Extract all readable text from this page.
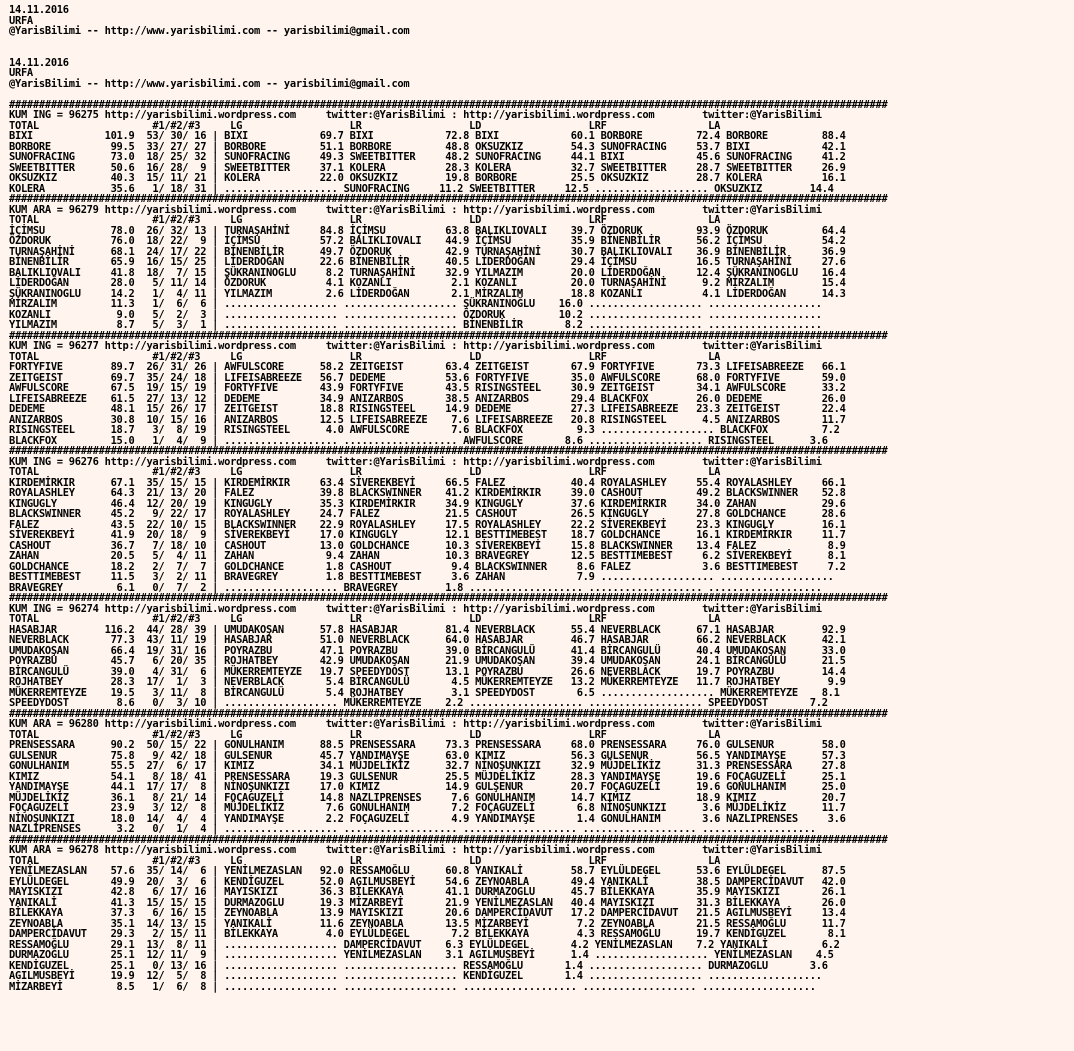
14.11.2016
URFA
@YarisBilimi -- http://www.yarisbilimi.com -- yarisbilimi@gmail.com

14.11.2016
URFA
@YarisBilimi -- http://www.yarisbilimi.com -- yarisbilimi@gmail.com

###################################################################################################################################################
KUM ING = 96275 http://yarisbilimi.wordpress.com     twitter:@YarisBilimi : http://yarisbilimi.wordpress.com        twitter:@YarisBilimi
TOTAL                   #1/#2/#3     LG                  LR                  LD                  LRF                 LA
BIXI            101.9  53/ 30/ 16 | BIXI            69.7 BIXI            72.8 BIXI            60.1 BORBORE         72.4 BORBORE         88.4
BORBORE          99.5  33/ 27/ 27 | BORBORE         51.1 BORBORE         48.8 OKSUZKIZ        54.3 SUNOFRACING     53.7 BIXI            42.1
SUNOFRACING      73.0  18/ 25/ 32 | SUNOFRACING     49.3 SWEETBITTER     48.2 SUNOFRACING     44.1 BIXI            45.6 SUNOFRACING     41.2
SWEETBITTER      50.6  16/ 28/  9 | SWEETBITTER     37.1 KOLERA          28.3 KOLERA          32.7 SWEETBITTER     28.7 SWEETBITTER     26.9
OKSUZKIZ         40.3  15/ 11/ 21 | KOLERA          22.0 OKSUZKIZ        19.8 BORBORE         25.5 OKSUZKIZ        28.7 KOLERA          16.1
KOLERA           35.6   1/ 18/ 31 | ................... SUNOFRACING     11.2 SWEETBITTER     12.5 ................... OKSUZKIZ        14.4
###################################################################################################################################################
KUM ARA = 96279 http://yarisbilimi.wordpress.com     twitter:@YarisBilimi : http://yarisbilimi.wordpress.com        twitter:@YarisBilimi
TOTAL                   #1/#2/#3     LG                  LR                  LD                  LRF                 LA
İÇİMSU           78.0  26/ 32/ 13 | TURNAŞAHİNİ     84.8 İÇİMSU          63.8 BALIKLIOVALI    39.7 ÖZDORUK         93.9 ÖZDORUK         64.4
ÖZDORUK          76.0  18/ 22/  9 | İÇİMSU          57.2 BALIKLIOVALI    44.9 İÇİMSU          35.9 BİNENBİLİR      56.2 İÇİMSU          54.2
TURNAŞAHİNİ      68.1  24/ 17/ 22 | BİNENBİLİR      49.7 ÖZDORUK         42.9 TURNAŞAHİNİ     30.7 BALIKLIOVALI    36.9 BİNENBİLİR      36.9
BİNENBİLİR       65.9  16/ 15/ 25 | LİDERDOĞAN      22.6 BİNENBİLİR      40.5 LİDERDOĞAN      29.4 İÇİMSU          16.5 TURNAŞAHİNİ     27.6
BALIKLIOVALI     41.8  18/  7/ 15 | ŞÜKRANINOGLU     8.2 TURNAŞAHİNİ     32.9 YILMAZIM        20.0 LİDERDOĞAN      12.4 ŞÜKRANINOGLU    16.4
LİDERDOĞAN       28.0   5/ 11/ 14 | ÖZDORUK          4.1 KOZANLI          2.1 KOZANLI         20.0 TURNAŞAHİNİ      9.2 MİRZALIM        15.4
ŞÜKRANINOGLU     14.2   1/  4/ 11 | YILMAZIM         2.6 LİDERDOĞAN       2.1 MİRZALIM        18.8 KOZANLI          4.1 LİDERDOĞAN      14.3
MİRZALIM         11.3   1/  6/  6 | ................... ................... ŞÜKRANINOĞLU    16.0 ................... ...................
KOZANLI           9.0   5/  2/  3 | ................... ................... ÖZDORUK         10.2 ................... ...................
YILMAZIM          8.7   5/  3/  1 | ................... ................... BİNENBİLİR       8.2 ................... ...................
###################################################################################################################################################
KUM ING = 96277 http://yarisbilimi.wordpress.com     twitter:@YarisBilimi : http://yarisbilimi.wordpress.com        twitter:@YarisBilimi
TOTAL                   #1/#2/#3     LG                  LR                  LD                  LRF                 LA
FORTYFIVE        89.7  26/ 31/ 26 | AWFULSCORE      58.2 ZEITGEIST       63.4 ZEITGEIST       67.9 FORTYFIVE       73.3 LIFEISABREEZE   66.1
ZEITGEIST        69.7  35/ 24/ 18 | LIFEISABREEZE   56.7 DEDEME          53.6 FORTYFIVE       35.0 AWFULSCORE      68.0 FORTYFIVE       59.0
AWFULSCORE       67.5  19/ 15/ 19 | FORTYFIVE       43.9 FORTYFIVE       43.5 RISINGSTEEL     30.9 ZEITGEIST       34.1 AWFULSCORE      33.2
LIFEISABREEZE    61.5  27/ 13/ 12 | DEDEME          34.9 ANIZARBOS       38.5 ANIZARBOS       29.4 BLACKFOX        26.0 DEDEME          26.0
DEDEME           48.1  15/ 26/ 17 | ZEITGEIST       18.8 RISINGSTEEL     14.9 DEDEME          27.3 LIFEISABREEZE   23.3 ZEITGEIST       22.4
ANIZARBOS        30.8  10/ 15/ 16 | ANIZARBOS       12.5 LIFEISABREEZE    7.6 LIFEISABREEZE   20.8 RISINGSTEEL      4.5 ANIZARBOS       11.7
RISINGSTEEL      18.7   3/  8/ 19 | RISINGSTEEL      4.0 AWFULSCORE       7.6 BLACKFOX         9.3 ................... BLACKFOX         7.2
BLACKFOX         15.0   1/  4/  9 | ................... ................... AWFULSCORE       8.6 ................... RISINGSTEEL      3.6
###################################################################################################################################################
KUM ING = 96276 http://yarisbilimi.wordpress.com     twitter:@YarisBilimi : http://yarisbilimi.wordpress.com        twitter:@YarisBilimi
TOTAL                   #1/#2/#3     LG                  LR                  LD                  LRF                 LA
KIRDEMİRKIR      67.1  35/ 15/ 15 | KIRDEMİRKIR     63.4 SİVEREKBEYİ     66.5 FALEZ           40.4 ROYALASHLEY     55.4 ROYALASHLEY     66.1
ROYALASHLEY      64.3  21/ 13/ 20 | FALEZ           39.8 BLACKSWINNER    41.2 KIRDEMİRKIR     39.0 CASHOUT         49.2 BLACKSWINNER    52.8
KINGUGLY         46.4  12/ 20/ 19 | KINGUGLY        35.3 KIRDEMİRKIR     34.9 KINGUGLY        37.6 KIRDEMİRKIR     34.0 ZAHAN           29.6
BLACKSWINNER     45.2   9/ 22/ 17 | ROYALASHLEY     24.7 FALEZ           21.5 CASHOUT         26.5 KINGUGLY        27.8 GOLDCHANCE      28.6
FALEZ            43.5  22/ 10/ 15 | BLACKSWINNER    22.9 ROYALASHLEY     17.5 ROYALASHLEY     22.2 SİVEREKBEYİ     23.3 KINGUGLY        16.1
SİVEREKBEYİ      41.9  20/ 18/  9 | SİVEREKBEYİ     17.0 KINGUGLY        12.1 BESTTIMEBEST    18.7 GOLDCHANCE      16.1 KIRDEMİRKIR     11.7
CASHOUT          36.7   7/ 18/ 10 | CASHOUT         13.0 GOLDCHANCE      10.3 SİVEREKBEYİ     15.8 BLACKSWINNER    13.4 FALEZ            8.9
ZAHAN            20.5   5/  4/ 11 | ZAHAN            9.4 ZAHAN           10.3 BRAVEGREY       12.5 BESTTIMEBEST     6.2 SİVEREKBEYİ      8.1
GOLDCHANCE       18.2   2/  7/  7 | GOLDCHANCE       1.8 CASHOUT          9.4 BLACKSWINNER     8.6 FALEZ            3.6 BESTTIMEBEST     7.2
BESTTIMEBEST     11.5   3/  2/ 11 | BRAVEGREY        1.8 BESTTIMEBEST     3.6 ZAHAN            7.9 ................... ...................
BRAVEGREY         6.1   0/  7/  2 | ................... BRAVEGREY        1.8 ................... ................... ...................
###################################################################################################################################################
KUM ING = 96274 http://yarisbilimi.wordpress.com     twitter:@YarisBilimi : http://yarisbilimi.wordpress.com        twitter:@YarisBilimi
TOTAL                   #1/#2/#3     LG                  LR                  LD                  LRF                 LA
HASABJAR        116.2  44/ 28/ 39 | UMUDAKOŞAN      57.8 HASABJAR        81.4 NEVERBLACK      55.4 NEVERBLACK      67.1 HASABJAR        92.9
NEVERBLACK       77.3  43/ 11/ 19 | HASABJAR        51.0 NEVERBLACK      64.0 HASABJAR        46.7 HASABJAR        66.2 NEVERBLACK      42.1
UMUDAKOŞAN       66.4  19/ 31/ 16 | POYRAZBU        47.1 POYRAZBU        39.0 BİRCANGULÜ      41.4 BİRCANGULÜ      40.4 UMUDAKOŞAN      33.0
POYRAZBU         45.7   6/ 20/ 35 | ROJHATBEY       42.9 UMUDAKOŞAN      21.9 UMUDAKOŞAN      39.4 UMUDAKOŞAN      24.1 BİRCANGULÜ      21.5
BİRCANGULÜ       39.0   4/ 31/  6 | MÜKERREMTEYZE   19.7 SPEEDYDOST      13.1 POYRAZBU        26.6 NEVERBLACK      19.7 POYRAZBU        14.4
ROJHATBEY        28.3  17/  1/  3 | NEVERBLACK       5.4 BİRCANGULÜ       4.5 MÜKERREMTEYZE   13.2 MÜKERREMTEYZE   11.7 ROJHATBEY        9.9
MÜKERREMTEYZE    19.5   3/ 11/  8 | BİRCANGULÜ       5.4 ROJHATBEY        3.1 SPEEDYDOST       6.5 ................... MÜKERREMTEYZE    8.1
SPEEDYDOST        8.6   0/  3/ 10 | ................... MÜKERREMTEYZE    2.2 ................... ................... SPEEDYDOST       7.2
###################################################################################################################################################
KUM ARA = 96280 http://yarisbilimi.wordpress.com     twitter:@YarisBilimi : http://yarisbilimi.wordpress.com        twitter:@YarisBilimi
TOTAL                   #1/#2/#3     LG                  LR                  LD                  LRF                 LA
PRENSESSARA      90.2  50/ 15/ 22 | GONULHANIM      88.5 PRENSESSARA     73.3 PRENSESSARA     68.0 PRENSESSARA     76.0 GULSENUR        58.0
GULSENUR         75.8   9/ 42/ 18 | GULSENUR        45.7 YANDIMAYŞE      63.0 KIMIZ           56.3 GULSENUR        56.5 YANDIMAYŞE      57.3
GONULHANIM       55.5  27/  6/ 17 | KIMIZ           34.1 MÜJDELİKİZ      32.7 NİNOŞUNKIZI     32.9 MÜJDELİKİZ      31.3 PRENSESSARA     27.8
KIMIZ            54.1   8/ 18/ 41 | PRENSESSARA     19.3 GULSENUR        25.5 MÜJDELİKİZ      28.3 YANDIMAYŞE      19.6 FOÇAGUZELİ      25.1
YANDIMAYŞE       44.1  17/ 17/  8 | NİNOŞUNKIZI     17.0 KIMIZ           14.9 GULŞENUR        20.7 FOÇAGUZELİ      19.6 GONULHANIM      25.0
MÜJDELİKİZ       36.1   8/ 21/ 14 | FOÇAGUZELİ      14.8 NAZLIPRENSES     7.6 GONULHANIM      14.7 KIMIZ           18.9 KIMIZ           20.7
FOÇAGUZELİ       23.9   3/ 12/  8 | MÜJDELİKİZ       7.6 GONULHANIM       7.2 FOÇAGUZELİ       6.8 NİNOŞUNKIZI      3.6 MÜJDELİKİZ      11.7
NİNOŞUNKIZI      18.0  14/  4/  4 | YANDIMAYŞE       2.2 FOÇAGUZELİ       4.9 YANDIMAYŞE       1.4 GONULHANIM       3.6 NAZLIPRENSES     3.6
NAZLIPRENSES      3.2   0/  1/  4 | ................... ................... ................... ................... ...................
###################################################################################################################################################
KUM ARA = 96278 http://yarisbilimi.wordpress.com     twitter:@YarisBilimi : http://yarisbilimi.wordpress.com        twitter:@YarisBilimi
TOTAL                   #1/#2/#3     LG                  LR                  LD                  LRF                 LA
YENİLMEZASLAN    57.6  35/ 14/  6 | YENİLMEZASLAN   92.0 RESSAMOĞLU      60.8 YANIKALİ        58.7 EYLÜLDEGEL      53.6 EYLÜLDEGEL      87.5
EYLÜLDEGEL       49.9  20/  3/  6 | KENDİGUZEL      52.0 AGILMUSBEYİ     54.6 ZEYNOABLA       49.4 YANIKALİ        38.5 DAMPERCİDAVUT   42.0
MAYISKIZI        42.8   6/ 17/ 16 | MAYISKIZI       36.3 BİLEKKAYA       41.1 DURMAZOGLU      45.7 BİLEKKAYA       35.9 MAYISKIZI       26.1
YANIKALİ         41.3  15/ 15/ 15 | DURMAZOGLU      19.3 MİZARBEYİ       21.9 YENİLMEZASLAN   40.4 MAYISKIZI       31.3 BİLEKKAYA       26.0
BİLEKKAYA        37.3   6/ 16/ 15 | ZEYNOABLA       13.9 MAYISKIZI       20.6 DAMPERCİDAVUT   17.2 DAMPERCİDAVUT   21.5 AGILMUSBEYİ     13.4
ZEYNOABLA        35.1  14/ 13/ 15 | YANIKALİ        11.6 ZEYNOABLA       13.5 MİZARBEYİ        7.2 ZEYNOABLA       21.5 RESSAMOĞLU      11.7
DAMPERCİDAVUT    29.3   2/ 15/ 11 | BİLEKKAYA        4.0 EYLÜLDEGEL       7.2 BİLEKKAYA        4.3 RESSAMOĞLU      19.7 KENDİGUZEL       8.1
RESSAMOĞLU       29.1  13/  8/ 11 | ................... DAMPERCİDAVUT    6.3 EYLÜLDEGEL       4.2 YENİLMEZASLAN    7.2 YANIKALİ         6.2
DURMAZOĞLU       25.1  12/ 11/  9 | ................... YENİLMEZASLAN    3.1 AGILMUSBEYİ      1.4 ................... YENİLMEZASLAN    4.5
KENDİGUZEL       25.1   0/ 13/ 16 | ................... ................... RESSAMOĞLU       1.4 ................... DURMAZOGLU       3.6
AGILMUSBEYİ      19.9  12/  5/  8 | ................... ................... KENDİGUZEL       1.4 ................... ...................
MİZARBEYİ         8.5   1/  6/  8 | ................... ................... ................... ................... ...................
